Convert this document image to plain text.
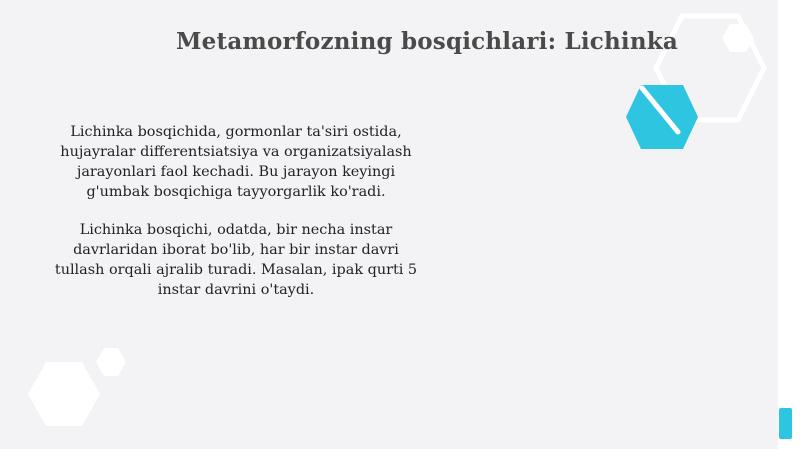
Metamorfozning bosqichlari: Lichinka

Lichinka bosqichida, gormonlar ta'siri ostida, hujayralar differentsiatsiya va organizatsiyalash jarayonlari faol kechadi. Bu jarayon keyingi g'umbak bosqichiga tayyorgarlik ko'radi.

Lichinka bosqichi, odatda, bir necha instar davrlaridan iborat bo'lib, har bir instar davri tullash orqali ajralib turadi. Masalan, ipak qurti 5 instar davrini o'taydi.
